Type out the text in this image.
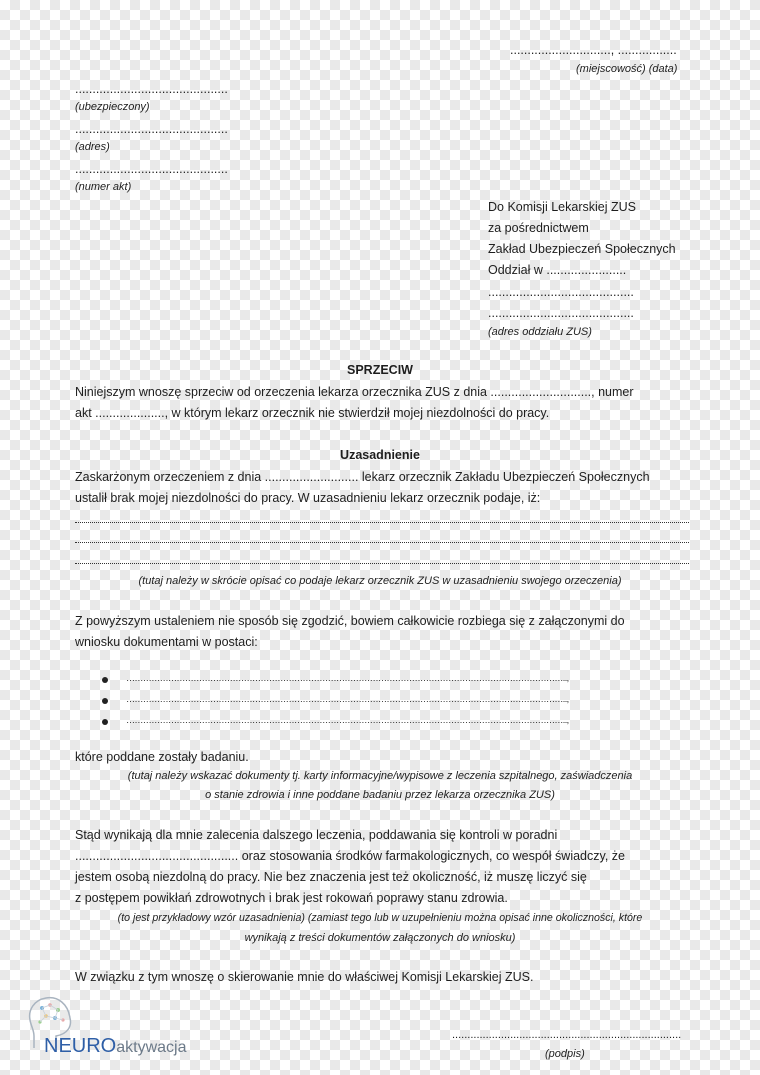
............................., .................
(miejscowość) (data)
............................................
(ubezpieczony)
............................................
(adres)
............................................
(numer akt)
Do Komisji Lekarskiej ZUS
za pośrednictwem
Zakład Ubezpieczeń Społecznych
Oddział w .......................
..........................................
..........................................
(adres oddziału ZUS)
SPRZECIW
Niniejszym wnoszę sprzeciw od orzeczenia lekarza orzecznika ZUS z dnia ............................., numer
akt ...................., w którym lekarz orzecznik nie stwierdził mojej niezdolności do pracy.
Uzasadnienie
Zaskarżonym orzeczeniem z dnia ........................... lekarz orzecznik Zakładu Ubezpieczeń Społecznych
ustalił brak mojej niezdolności do pracy. W uzasadnieniu lekarz orzecznik podaje, iż:
(tutaj należy w skrócie opisać co podaje lekarz orzecznik ZUS w uzasadnieniu swojego orzeczenia)
Z powyższym ustaleniem nie sposób się zgodzić, bowiem całkowicie rozbiega się z załączonymi do
wniosku dokumentami w postaci:
…………………………………………………………………………………………………………………………………………..,
…………………………………………………………………………………………………………………………………………..,
…………………………………………………………………………………………………………………………………………..,
które poddane zostały badaniu.
(tutaj należy wskazać dokumenty tj. karty informacyjne/wypisowe z leczenia szpitalnego, zaświadczenia
o stanie zdrowia i inne poddane badaniu przez lekarza orzecznika ZUS)
Stąd wynikają dla mnie zalecenia dalszego leczenia, poddawania się kontroli w poradni
............................................... oraz stosowania środków farmakologicznych, co wespół świadczy, że
jestem osobą niezdolną do pracy. Nie bez znaczenia jest też okoliczność, iż muszę liczyć się
z postępem powikłań zdrowotnych i brak jest rokowań poprawy stanu zdrowia.
(to jest przykładowy wzór uzasadnienia) (zamiast tego lub w uzupełnieniu można opisać inne okoliczności, które
wynikają z treści dokumentów załączonych do wniosku)
W związku z tym wnoszę o skierowanie mnie do właściwej Komisji Lekarskiej ZUS.
...........................................................................
(podpis)
NEUROaktywacja
